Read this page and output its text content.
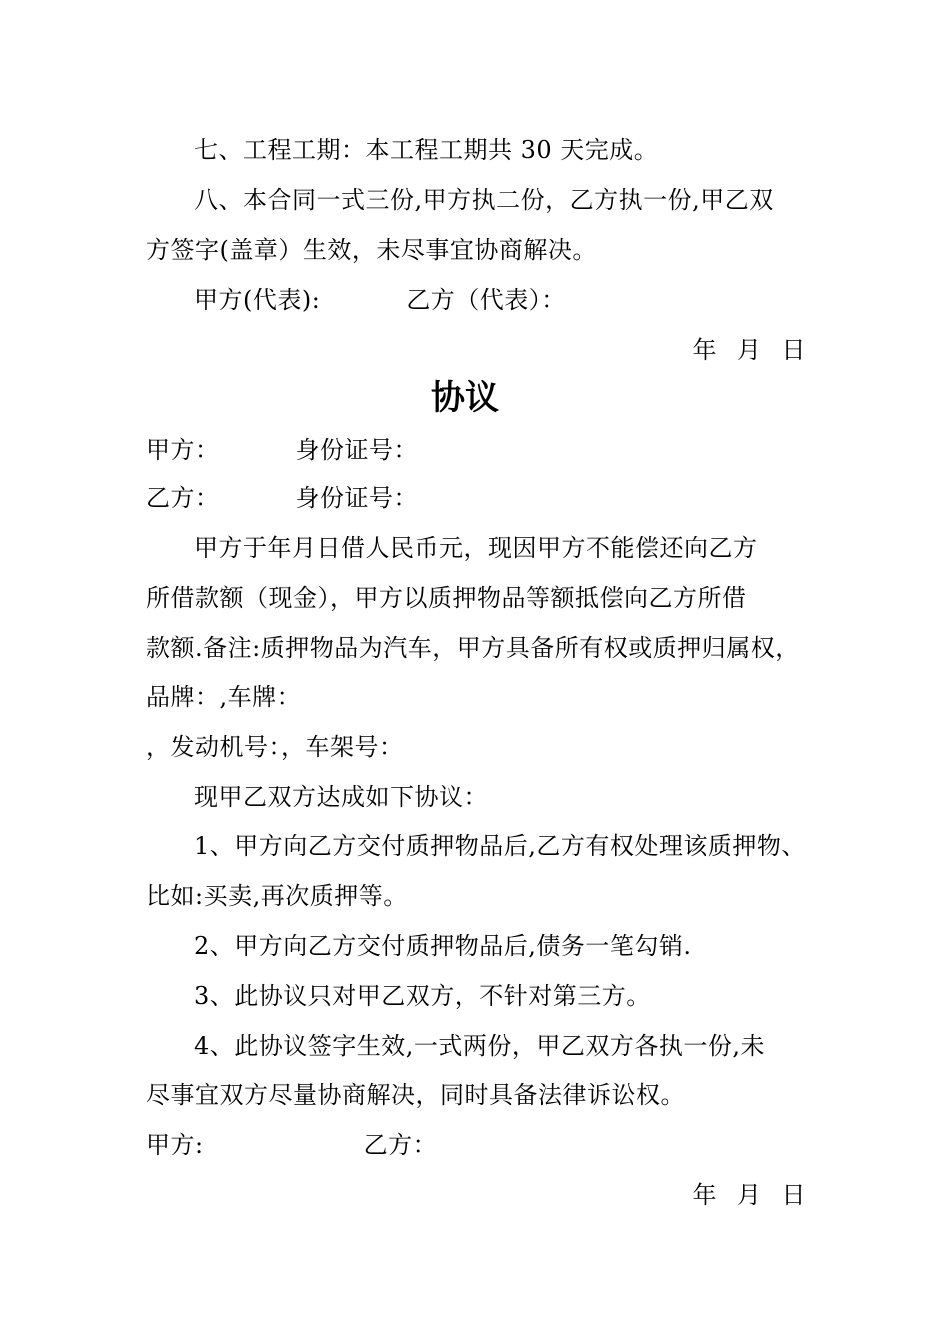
七、工程工期：本工程工期共 30 天完成。
八、本合同一式三份,甲方执二份，乙方执一份,甲乙双
方签字(盖章）生效，未尽事宜协商解决。
甲方(代表):	乙方（代表）：
年 月 日
协议
甲方：	身份证号：
乙方：	身份证号：
甲方于年月日借人民币元，现因甲方不能偿还向乙方
所借款额（现金），甲方以质押物品等额抵偿向乙方所借
款额.备注:质押物品为汽车，甲方具备所有权或质押归属权，
品牌：,车牌：
，发动机号：，车架号：
现甲乙双方达成如下协议：
1、甲方向乙方交付质押物品后,乙方有权处理该质押物、
比如:买卖,再次质押等。
2、甲方向乙方交付质押物品后,债务一笔勾销.
3、此协议只对甲乙双方，不针对第三方。
4、此协议签字生效,一式两份，甲乙双方各执一份,未
尽事宜双方尽量协商解决，同时具备法律诉讼权。
甲方:	乙方：
年 月 日
